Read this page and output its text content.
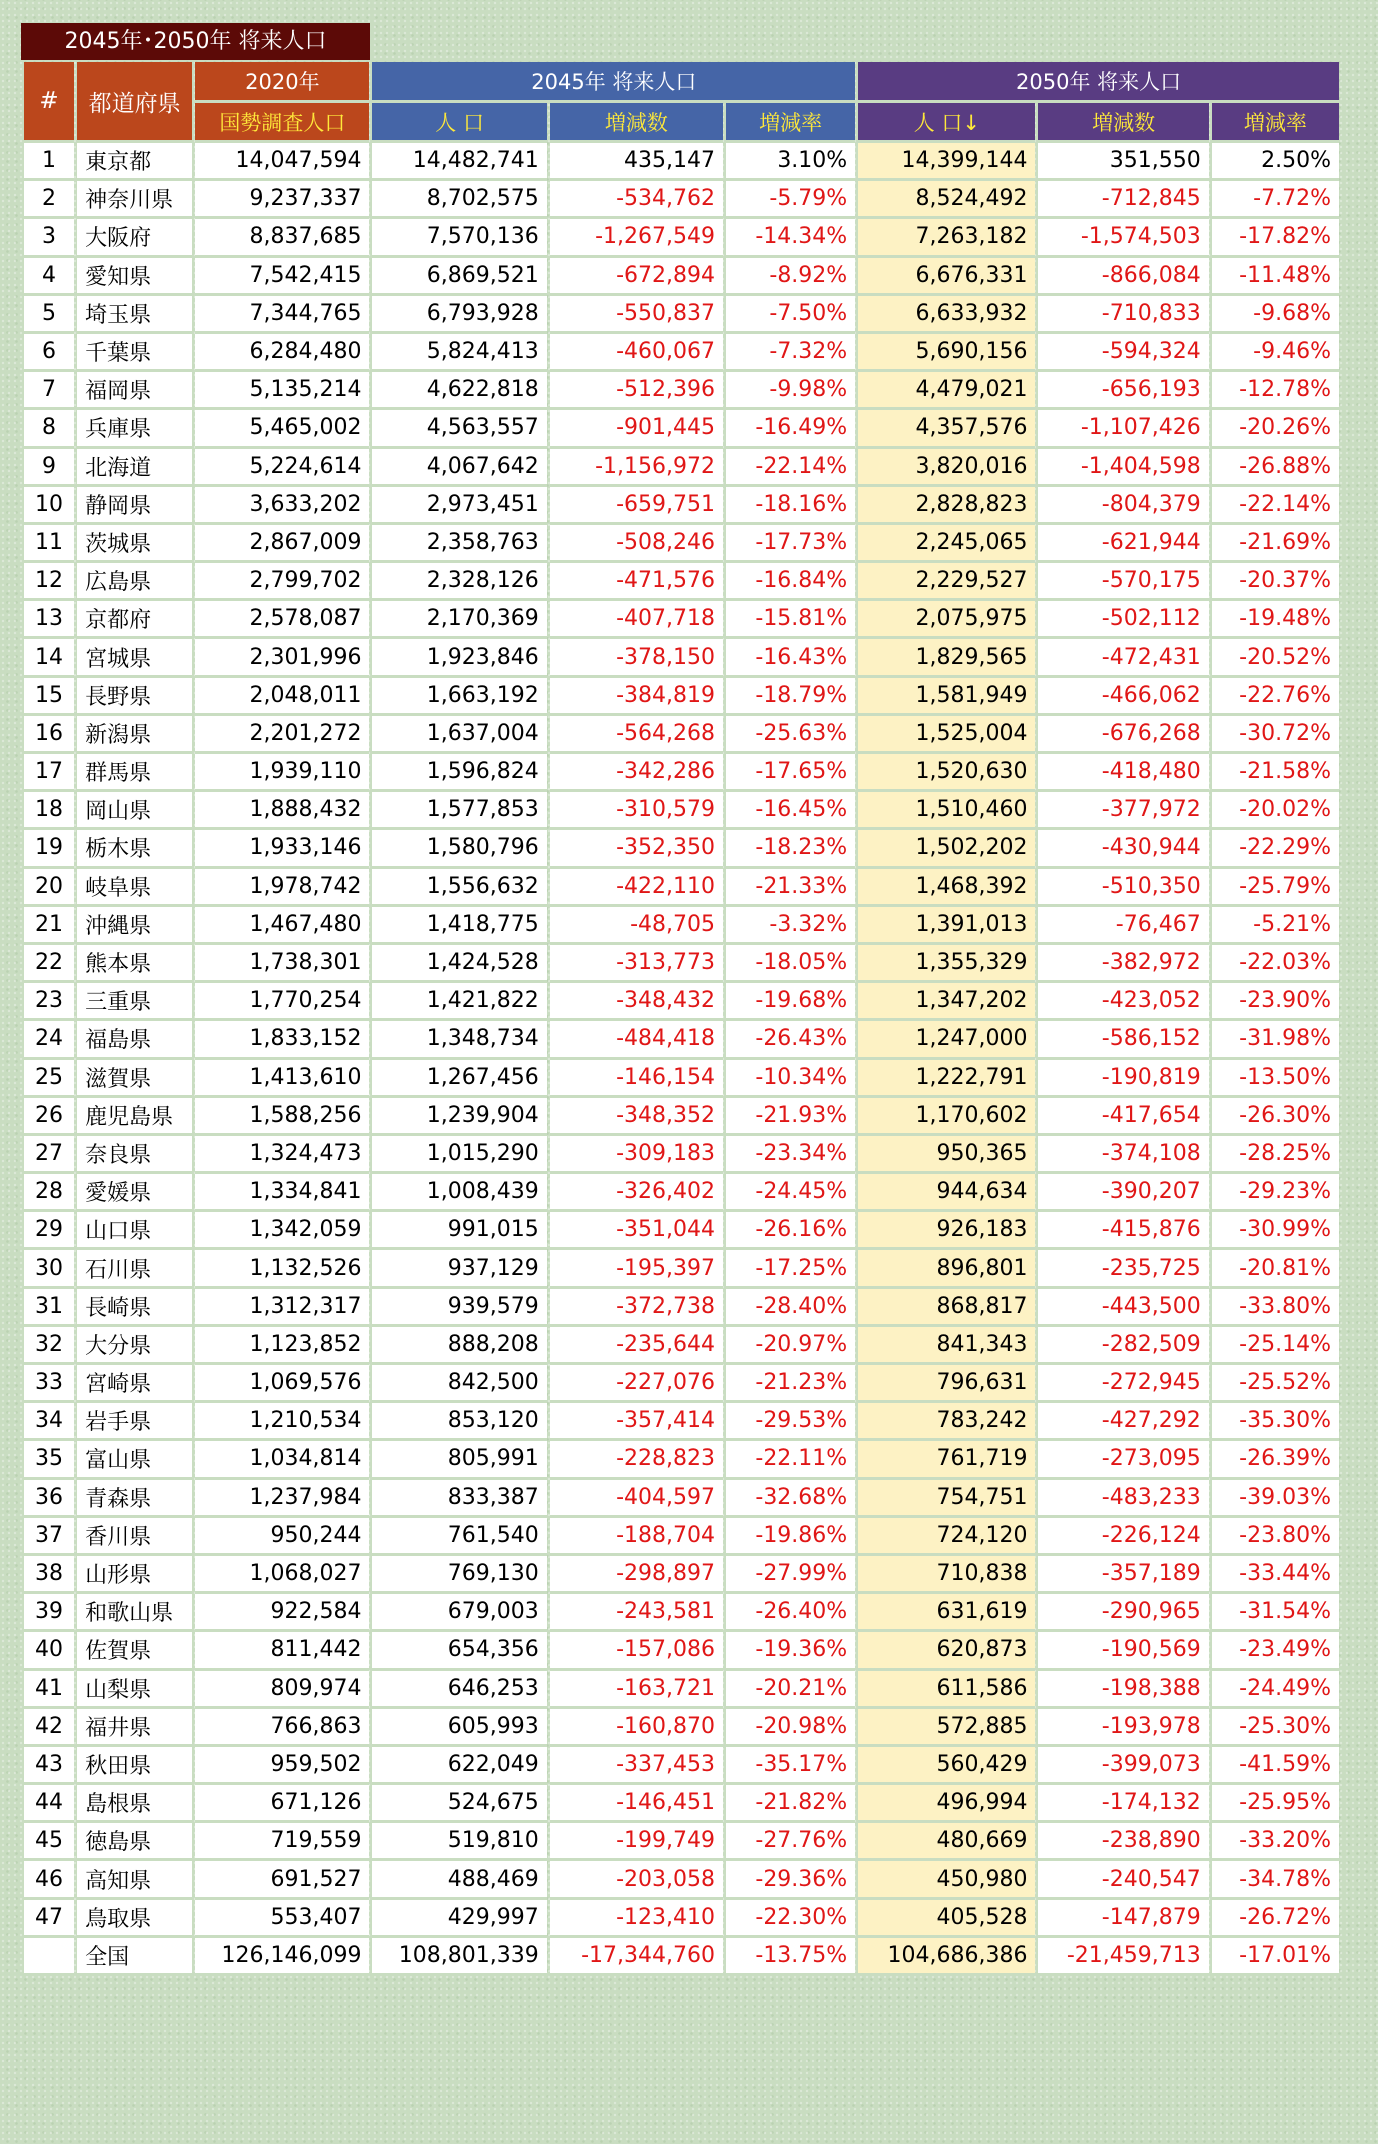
2045年･2050年 将来人口
#	都道府県	2020年	2045年 将来人口			2050年 将来人口		
		国勢調査人口	人 口	増減数	増減率	人 口↓	増減数	増減率
1	東京都	14,047,594	14,482,741	435,147	3.10%	14,399,144	351,550	2.50%
2	神奈川県	9,237,337	8,702,575	-534,762	-5.79%	8,524,492	-712,845	-7.72%
3	大阪府	8,837,685	7,570,136	-1,267,549	-14.34%	7,263,182	-1,574,503	-17.82%
4	愛知県	7,542,415	6,869,521	-672,894	-8.92%	6,676,331	-866,084	-11.48%
5	埼玉県	7,344,765	6,793,928	-550,837	-7.50%	6,633,932	-710,833	-9.68%
6	千葉県	6,284,480	5,824,413	-460,067	-7.32%	5,690,156	-594,324	-9.46%
7	福岡県	5,135,214	4,622,818	-512,396	-9.98%	4,479,021	-656,193	-12.78%
8	兵庫県	5,465,002	4,563,557	-901,445	-16.49%	4,357,576	-1,107,426	-20.26%
9	北海道	5,224,614	4,067,642	-1,156,972	-22.14%	3,820,016	-1,404,598	-26.88%
10	静岡県	3,633,202	2,973,451	-659,751	-18.16%	2,828,823	-804,379	-22.14%
11	茨城県	2,867,009	2,358,763	-508,246	-17.73%	2,245,065	-621,944	-21.69%
12	広島県	2,799,702	2,328,126	-471,576	-16.84%	2,229,527	-570,175	-20.37%
13	京都府	2,578,087	2,170,369	-407,718	-15.81%	2,075,975	-502,112	-19.48%
14	宮城県	2,301,996	1,923,846	-378,150	-16.43%	1,829,565	-472,431	-20.52%
15	長野県	2,048,011	1,663,192	-384,819	-18.79%	1,581,949	-466,062	-22.76%
16	新潟県	2,201,272	1,637,004	-564,268	-25.63%	1,525,004	-676,268	-30.72%
17	群馬県	1,939,110	1,596,824	-342,286	-17.65%	1,520,630	-418,480	-21.58%
18	岡山県	1,888,432	1,577,853	-310,579	-16.45%	1,510,460	-377,972	-20.02%
19	栃木県	1,933,146	1,580,796	-352,350	-18.23%	1,502,202	-430,944	-22.29%
20	岐阜県	1,978,742	1,556,632	-422,110	-21.33%	1,468,392	-510,350	-25.79%
21	沖縄県	1,467,480	1,418,775	-48,705	-3.32%	1,391,013	-76,467	-5.21%
22	熊本県	1,738,301	1,424,528	-313,773	-18.05%	1,355,329	-382,972	-22.03%
23	三重県	1,770,254	1,421,822	-348,432	-19.68%	1,347,202	-423,052	-23.90%
24	福島県	1,833,152	1,348,734	-484,418	-26.43%	1,247,000	-586,152	-31.98%
25	滋賀県	1,413,610	1,267,456	-146,154	-10.34%	1,222,791	-190,819	-13.50%
26	鹿児島県	1,588,256	1,239,904	-348,352	-21.93%	1,170,602	-417,654	-26.30%
27	奈良県	1,324,473	1,015,290	-309,183	-23.34%	950,365	-374,108	-28.25%
28	愛媛県	1,334,841	1,008,439	-326,402	-24.45%	944,634	-390,207	-29.23%
29	山口県	1,342,059	991,015	-351,044	-26.16%	926,183	-415,876	-30.99%
30	石川県	1,132,526	937,129	-195,397	-17.25%	896,801	-235,725	-20.81%
31	長崎県	1,312,317	939,579	-372,738	-28.40%	868,817	-443,500	-33.80%
32	大分県	1,123,852	888,208	-235,644	-20.97%	841,343	-282,509	-25.14%
33	宮崎県	1,069,576	842,500	-227,076	-21.23%	796,631	-272,945	-25.52%
34	岩手県	1,210,534	853,120	-357,414	-29.53%	783,242	-427,292	-35.30%
35	富山県	1,034,814	805,991	-228,823	-22.11%	761,719	-273,095	-26.39%
36	青森県	1,237,984	833,387	-404,597	-32.68%	754,751	-483,233	-39.03%
37	香川県	950,244	761,540	-188,704	-19.86%	724,120	-226,124	-23.80%
38	山形県	1,068,027	769,130	-298,897	-27.99%	710,838	-357,189	-33.44%
39	和歌山県	922,584	679,003	-243,581	-26.40%	631,619	-290,965	-31.54%
40	佐賀県	811,442	654,356	-157,086	-19.36%	620,873	-190,569	-23.49%
41	山梨県	809,974	646,253	-163,721	-20.21%	611,586	-198,388	-24.49%
42	福井県	766,863	605,993	-160,870	-20.98%	572,885	-193,978	-25.30%
43	秋田県	959,502	622,049	-337,453	-35.17%	560,429	-399,073	-41.59%
44	島根県	671,126	524,675	-146,451	-21.82%	496,994	-174,132	-25.95%
45	徳島県	719,559	519,810	-199,749	-27.76%	480,669	-238,890	-33.20%
46	高知県	691,527	488,469	-203,058	-29.36%	450,980	-240,547	-34.78%
47	鳥取県	553,407	429,997	-123,410	-22.30%	405,528	-147,879	-26.72%
	全国	126,146,099	108,801,339	-17,344,760	-13.75%	104,686,386	-21,459,713	-17.01%
